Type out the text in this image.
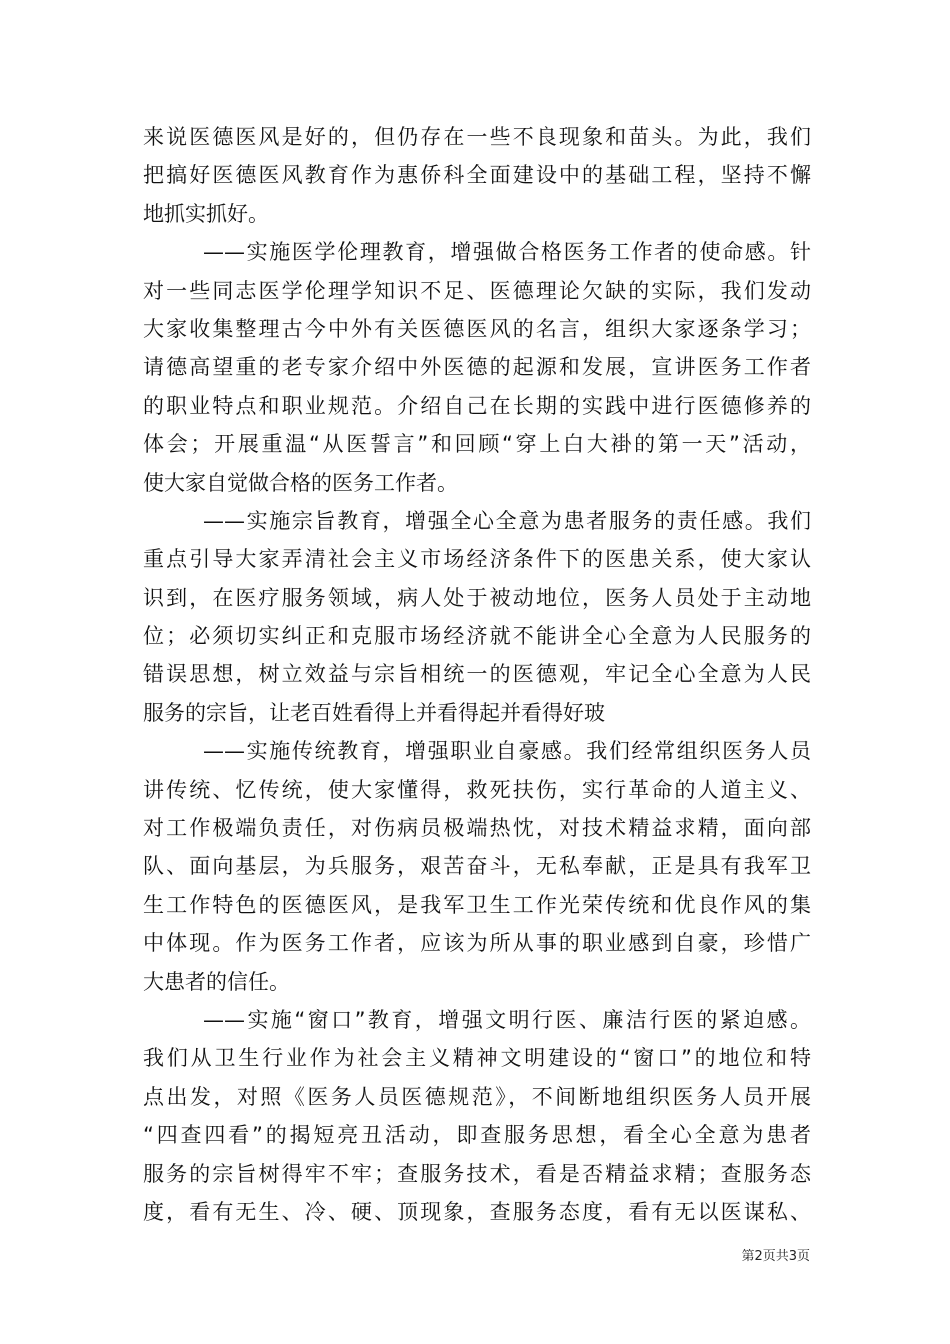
来说医德医风是好的，但仍存在一些不良现象和苗头。为此，我们
把搞好医德医风教育作为惠侨科全面建设中的基础工程，坚持不懈
地抓实抓好。
——实施医学伦理教育，增强做合格医务工作者的使命感。针
对一些同志医学伦理学知识不足、医德理论欠缺的实际，我们发动
大家收集整理古今中外有关医德医风的名言，组织大家逐条学习；
请德高望重的老专家介绍中外医德的起源和发展，宣讲医务工作者
的职业特点和职业规范。介绍自己在长期的实践中进行医德修养的
体会；开展重温“从医誓言”和回顾“穿上白大褂的第一天”活动，
使大家自觉做合格的医务工作者。
——实施宗旨教育，增强全心全意为患者服务的责任感。我们
重点引导大家弄清社会主义市场经济条件下的医患关系，使大家认
识到，在医疗服务领域，病人处于被动地位，医务人员处于主动地
位；必须切实纠正和克服市场经济就不能讲全心全意为人民服务的
错误思想，树立效益与宗旨相统一的医德观，牢记全心全意为人民
服务的宗旨，让老百姓看得上并看得起并看得好玻
——实施传统教育，增强职业自豪感。我们经常组织医务人员
讲传统、忆传统，使大家懂得，救死扶伤，实行革命的人道主义、
对工作极端负责任，对伤病员极端热忱，对技术精益求精，面向部
队、面向基层，为兵服务，艰苦奋斗，无私奉献，正是具有我军卫
生工作特色的医德医风，是我军卫生工作光荣传统和优良作风的集
中体现。作为医务工作者，应该为所从事的职业感到自豪，珍惜广
大患者的信任。
——实施“窗口”教育，增强文明行医、廉洁行医的紧迫感。
我们从卫生行业作为社会主义精神文明建设的“窗口”的地位和特
点出发，对照《医务人员医德规范》，不间断地组织医务人员开展
“四查四看”的揭短亮丑活动，即查服务思想，看全心全意为患者
服务的宗旨树得牢不牢；查服务技术，看是否精益求精；查服务态
度，看有无生、冷、硬、顶现象，查服务态度，看有无以医谋私、
第2页共3页
